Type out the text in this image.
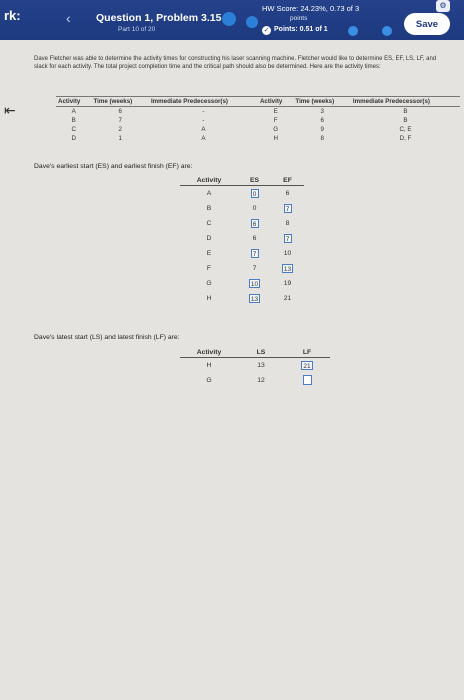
rk:	‹ Question 1, Problem 3.15
Part 10 of 20
HW Score: 24.23%, 0.73 of 3
points
✓ Points: 0.51 of 1	Save
⚙
⇤
Dave Fletcher was able to determine the activity times for constructing his laser scanning machine. Fletcher would like to determine ES, EF, LS, LF, and slack for each activity. The total project completion time and the critical path should also be determined. Here are the activity times:
Activity	Time (weeks)	Immediate Predecessor(s)	Activity	Time (weeks)	Immediate Predecessor(s)
A	6	-	E	3	B
B	7	-	F	6	B
C	2	A	G	9	C, E
D	1	A	H	8	D, F
Dave's earliest start (ES) and earliest finish (EF) are:
Activity	ES	EF
A	0	6
B	0	7
C	6	8
D	6	7
E	7	10
F	7	13
G	10	19
H	13	21
Dave's latest start (LS) and latest finish (LF) are:
Activity	LS	LF
H	13	21
G	12	
